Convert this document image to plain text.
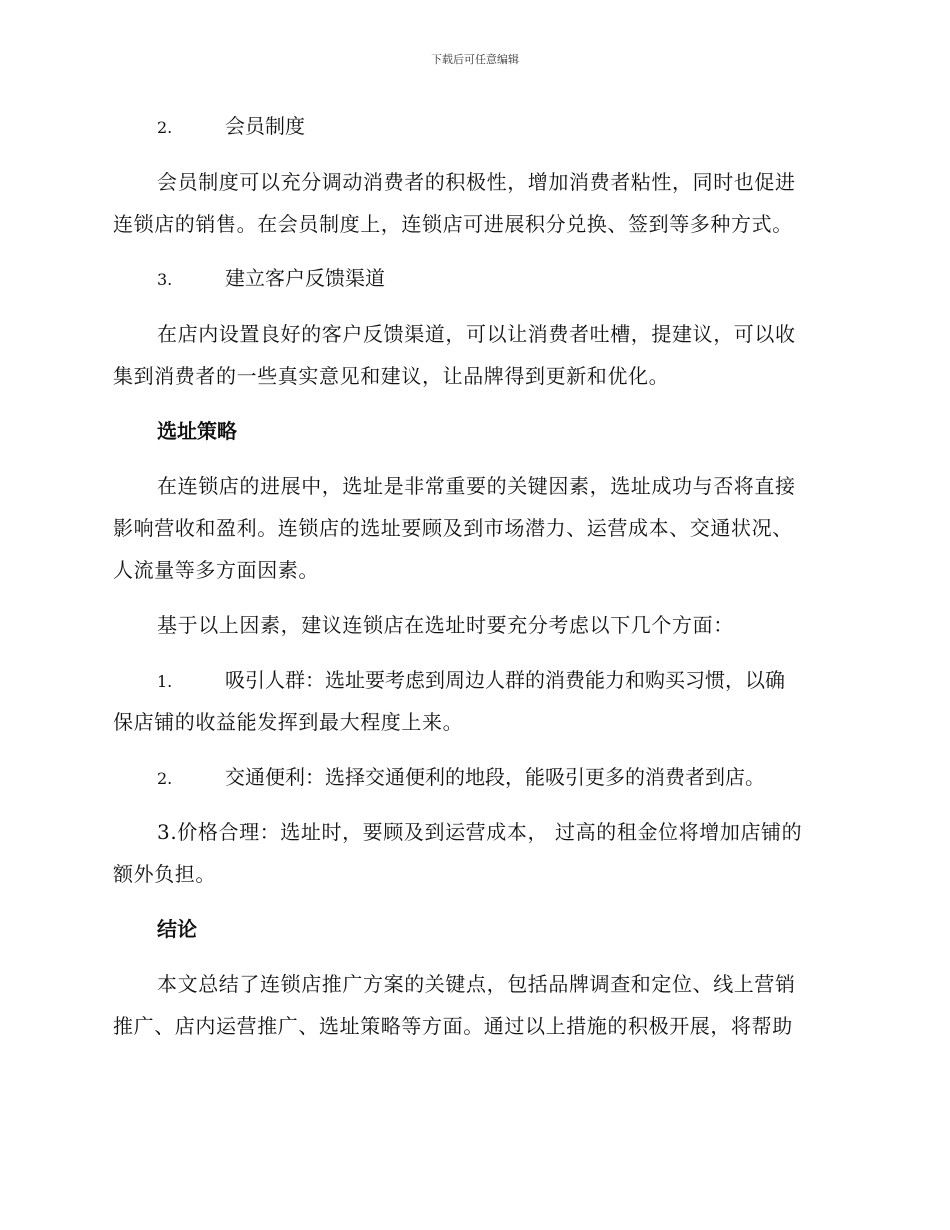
下载后可任意编辑
2.	会员制度
会员制度可以充分调动消费者的积极性，增加消费者粘性，同时也促进
连锁店的销售。在会员制度上，连锁店可进展积分兑换、签到等多种方式。
3.	建立客户反馈渠道
在店内设置良好的客户反馈渠道，可以让消费者吐槽，提建议，可以收
集到消费者的一些真实意见和建议，让品牌得到更新和优化。
选址策略
在连锁店的进展中，选址是非常重要的关键因素，选址成功与否将直接
影响营收和盈利。连锁店的选址要顾及到市场潜力、运营成本、交通状况、
人流量等多方面因素。
基于以上因素，建议连锁店在选址时要充分考虑以下几个方面：
1.	吸引人群：选址要考虑到周边人群的消费能力和购买习惯，以确
保店铺的收益能发挥到最大程度上来。
2.	交通便利：选择交通便利的地段，能吸引更多的消费者到店。
3.价格合理：选址时，要顾及到运营成本， 过高的租金位将增加店铺的
额外负担。
结论
本文总结了连锁店推广方案的关键点，包括品牌调查和定位、线上营销
推广、店内运营推广、选址策略等方面。通过以上措施的积极开展，将帮助
